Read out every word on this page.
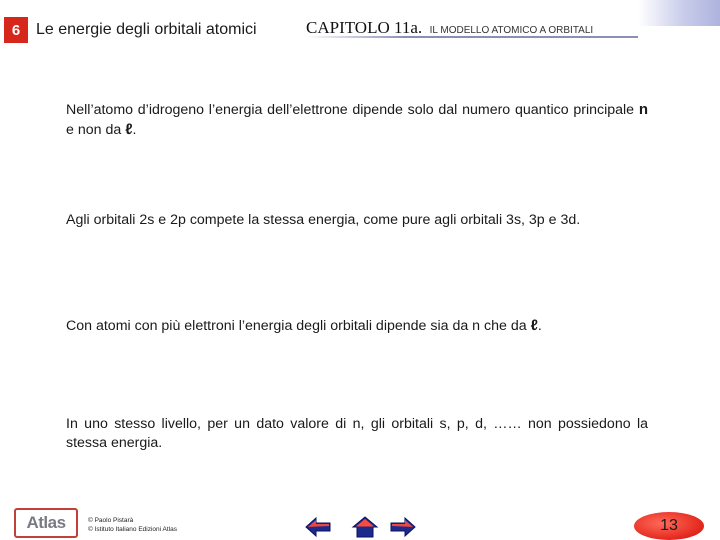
6 Le energie degli orbitali atomici	CAPITOLO 11a. IL MODELLO ATOMICO A ORBITALI
Nell’atomo d’idrogeno l’energia dell’elettrone dipende solo dal numero quantico principale n e non da ℓ.
Agli orbitali 2s e 2p compete la stessa energia, come pure agli orbitali 3s, 3p e 3d.
Con atomi con più elettroni l’energia degli orbitali dipende sia da n che da ℓ.
In uno stesso livello, per un dato valore di n, gli orbitali s, p, d, …… non possiedono la stessa energia.
Atlas	© Paolo Pistarà
© Istituto Italiano Edizioni Atlas	13
